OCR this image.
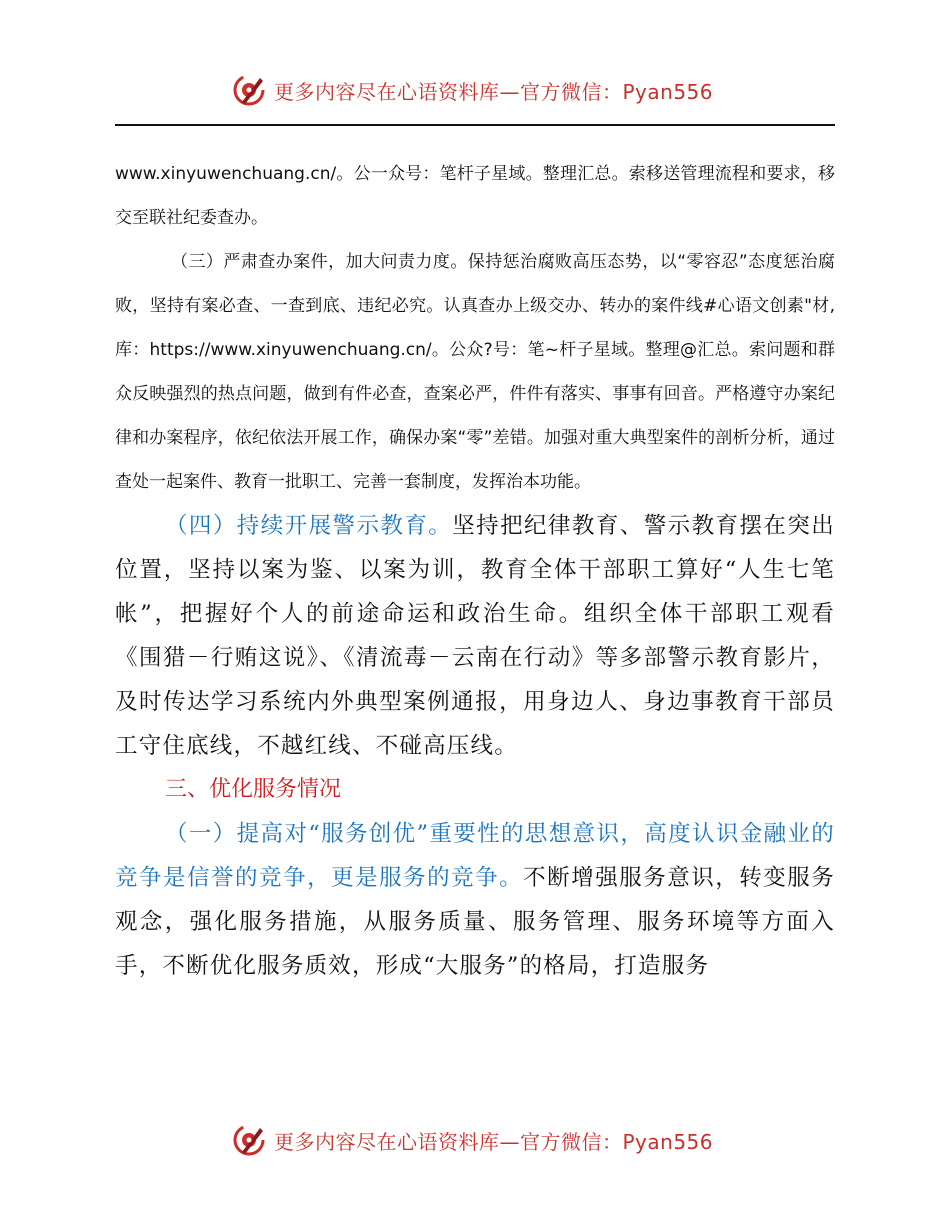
更多内容尽在心语资料库—官方微信：Pyan556

www.xinyuwenchuang.cn/。公一众号：笔杆子星域。整理汇总。索移送管理流程和要求，移交至联社纪委查办。

（三）严肃查办案件，加大问责力度。保持惩治腐败高压态势，以“零容忍”态度惩治腐败，坚持有案必查、一查到底、违纪必究。认真查办上级交办、转办的案件线#心语文创素"材,库：https://www.xinyuwenchuang.cn/。公众?号：笔~杆子星域。整理@汇总。索问题和群众反映强烈的热点问题，做到有件必查，查案必严，件件有落实、事事有回音。严格遵守办案纪律和办案程序，依纪依法开展工作，确保办案“零”差错。加强对重大典型案件的剖析分析，通过查处一起案件、教育一批职工、完善一套制度，发挥治本功能。

（四）持续开展警示教育。坚持把纪律教育、警示教育摆在突出位置，坚持以案为鉴、以案为训，教育全体干部职工算好“人生七笔帐”，把握好个人的前途命运和政治生命。组织全体干部职工观看《围猎－行贿这说》、《清流毒－云南在行动》等多部警示教育影片，及时传达学习系统内外典型案例通报，用身边人、身边事教育干部员工守住底线，不越红线、不碰高压线。

三、优化服务情况

（一）提高对“服务创优”重要性的思想意识，高度认识金融业的竞争是信誉的竞争，更是服务的竞争。不断增强服务意识，转变服务观念，强化服务措施，从服务质量、服务管理、服务环境等方面入手，不断优化服务质效，形成“大服务”的格局，打造服务

更多内容尽在心语资料库—官方微信：Pyan556
